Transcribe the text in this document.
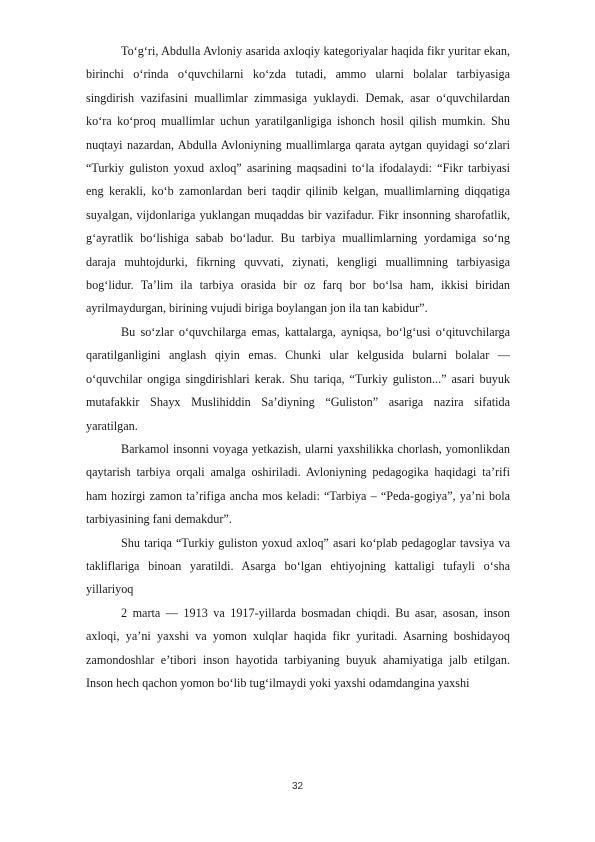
To‘g‘ri, Abdulla Avloniy asarida axloqiy kategoriyalar haqida fikr yuritar ekan, birinchi o‘rinda o‘quvchilarni ko‘zda tutadi, ammo ularni bolalar tarbiyasiga singdirish vazifasini muallimlar zimmasiga yuklaydi. Demak, asar o‘quvchilardan ko‘ra ko‘proq muallimlar uchun yaratilganligiga ishonch hosil qilish mumkin. Shu nuqtayi nazardan, Abdulla Avloniyning muallimlarga qarata aytgan quyidagi so‘zlari “Turkiy guliston yoxud axloq” asarining maqsadini to‘la ifodalaydi: “Fikr tarbiyasi eng kerakli, ko‘b zamonlardan beri taqdir qilinib kelgan, muallimlarning diqqatiga suyalgan, vijdonlariga yuklangan muqaddas bir vazifadur. Fikr insonning sharofatlik, g‘ayratlik bo‘lishiga sabab bo‘ladur. Bu tarbiya muallimlarning yordamiga so‘ng daraja muhtojdurki, fikrning quvvati, ziynati, kengligi muallimning tarbiyasiga bog‘lidur. Ta’lim ila tarbiya orasida bir oz farq bor bo‘lsa ham, ikkisi biridan ayrilmaydurgan, birining vujudi biriga boylangan jon ila tan kabidur”.

Bu so‘zlar o‘quvchilarga emas, kattalarga, ayniqsa, bo‘lg‘usi o‘qituvchilarga qaratilganligini anglash qiyin emas. Chunki ular kelgusida bularni bolalar — o‘quvchilar ongiga singdirishlari kerak. Shu tariqa, “Turkiy guliston...” asari buyuk mutafakkir Shayx Muslihiddin Sa’diyning “Guliston” asariga nazira sifatida yaratilgan.

Barkamol insonni voyaga yetkazish, ularni yaxshilikka chorlash, yomonlikdan qaytarish tarbiya orqali amalga oshiriladi. Avloniyning pedagogika haqidagi ta’rifi ham hozirgi zamon ta’rifiga ancha mos keladi: “Tarbiya – “Peda-gogiya”, ya’ni bola tarbiyasining fani demakdur”.

Shu tariqa “Turkiy guliston yoxud axloq” asari ko‘plab pedagoglar tavsiya va takliflariga binoan yaratildi. Asarga bo‘lgan ehtiyojning kattaligi tufayli o‘sha yillariyoq

2 marta — 1913 va 1917-yillarda bosmadan chiqdi. Bu asar, asosan, inson axloqi, ya’ni yaxshi va yomon xulqlar haqida fikr yuritadi. Asarning boshidayoq zamondoshlar e’tibori inson hayotida tarbiyaning buyuk ahamiyatiga jalb etilgan. Inson hech qachon yomon bo‘lib tug‘ilmaydi yoki yaxshi odamdangina yaxshi

32
